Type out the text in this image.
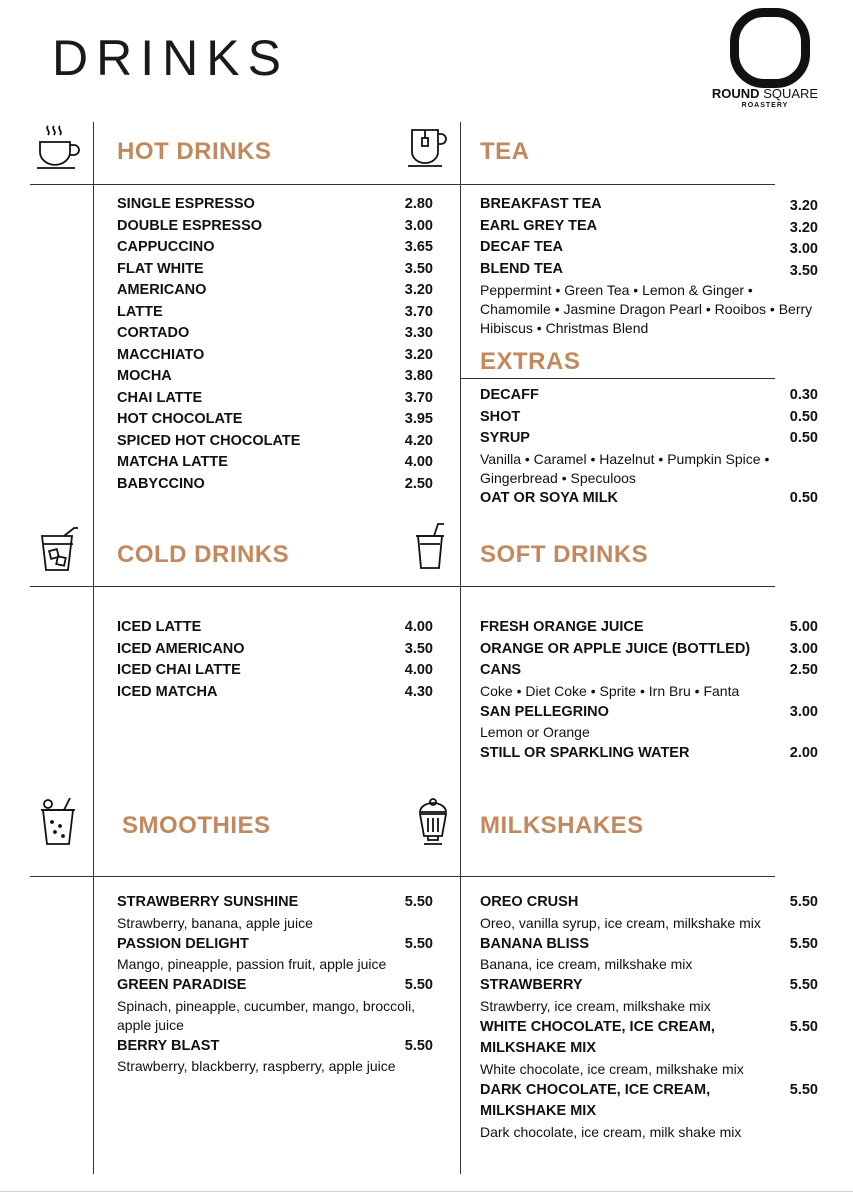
DRINKS
ROUND SQUARE
ROASTERY
HOT DRINKS	TEA
EXTRAS
COLD DRINKS	SOFT DRINKS
SMOOTHIES	MILKSHAKES
SINGLE ESPRESSO	2.80
DOUBLE ESPRESSO	3.00
CAPPUCCINO	3.65
FLAT WHITE	3.50
AMERICANO	3.20
LATTE	3.70
CORTADO	3.30
MACCHIATO	3.20
MOCHA	3.80
CHAI LATTE	3.70
HOT CHOCOLATE	3.95
SPICED HOT CHOCOLATE	4.20
MATCHA LATTE	4.00
BABYCCINO	2.50
BREAKFAST TEA	3.20
EARL GREY TEA	3.20
DECAF TEA	3.00
BLEND TEA	3.50
Peppermint • Green Tea • Lemon & Ginger • Chamomile • Jasmine Dragon Pearl • Rooibos • Berry Hibiscus • Christmas Blend
DECAFF	0.30
SHOT	0.50
SYRUP	0.50
Vanilla • Caramel • Hazelnut • Pumpkin Spice • Gingerbread • Speculoos
OAT OR SOYA MILK	0.50
ICED LATTE	4.00
ICED AMERICANO	3.50
ICED CHAI LATTE	4.00
ICED MATCHA	4.30
FRESH ORANGE JUICE	5.00
ORANGE OR APPLE JUICE (BOTTLED)	3.00
CANS	2.50
Coke • Diet Coke • Sprite • Irn Bru • Fanta
SAN PELLEGRINO	3.00
Lemon or Orange
STILL OR SPARKLING WATER	2.00
STRAWBERRY SUNSHINE	5.50
Strawberry, banana, apple juice
PASSION DELIGHT	5.50
Mango, pineapple, passion fruit, apple juice
GREEN PARADISE	5.50
Spinach, pineapple, cucumber, mango, broccoli, apple juice
BERRY BLAST	5.50
Strawberry, blackberry, raspberry, apple juice
OREO CRUSH	5.50
Oreo, vanilla syrup, ice cream, milkshake mix
BANANA BLISS	5.50
Banana, ice cream, milkshake mix
STRAWBERRY	5.50
Strawberry, ice cream, milkshake mix
WHITE CHOCOLATE, ICE CREAM, MILKSHAKE MIX
5.50
White chocolate, ice cream, milkshake mix
DARK CHOCOLATE, ICE CREAM, MILKSHAKE MIX
5.50
Dark chocolate, ice cream, milk shake mix
